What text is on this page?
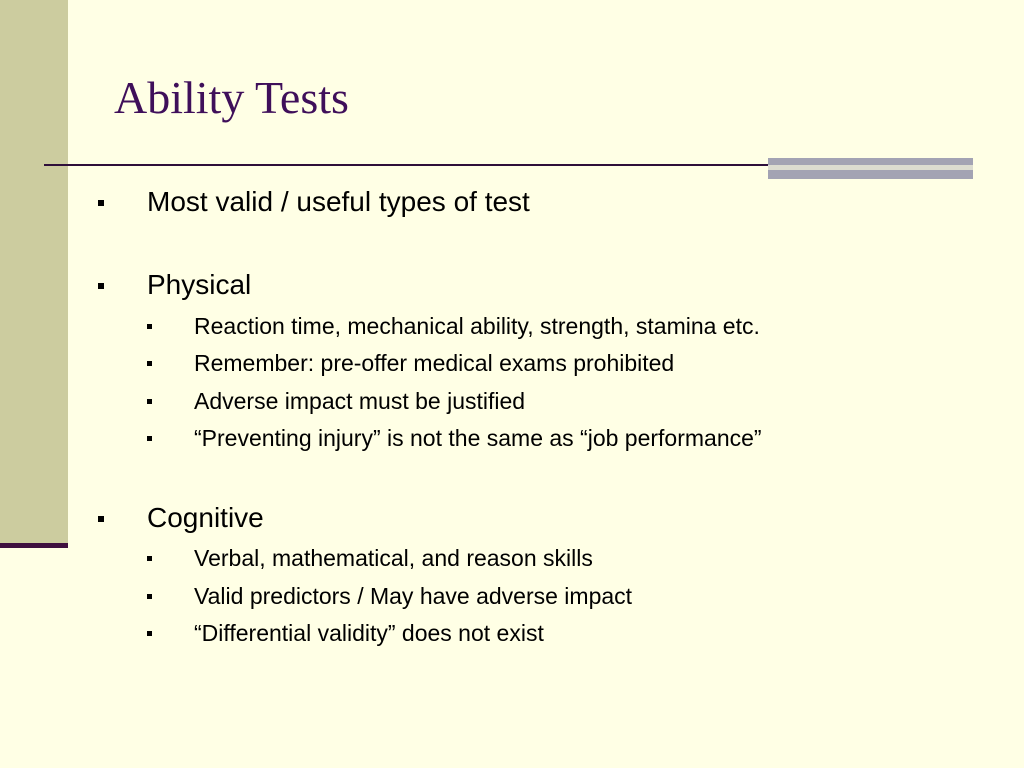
Ability Tests
Most valid / useful types of test
Physical
Reaction time, mechanical ability, strength, stamina etc.
Remember: pre-offer medical exams prohibited
Adverse impact must be justified
“Preventing injury” is not the same as “job performance”
Cognitive
Verbal, mathematical, and reason skills
Valid predictors / May have adverse impact
“Differential validity” does not exist
